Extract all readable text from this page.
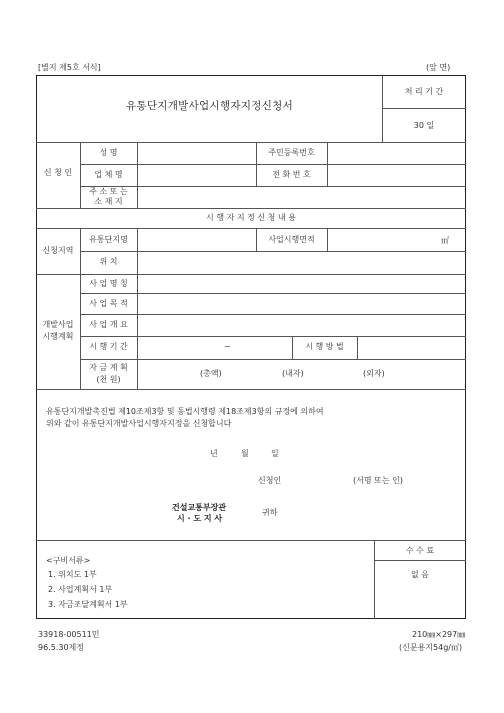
[별지 제5호 서식]	(앞 면)
유통단지개발사업시행자지정신청서
처 리 기 간
30 일
신 청 인
성 명	주민등록번호
업 체 명	전 화 번 호
주 소 또 는
소 재 지
시 행 자 지 정 신 청 내 용
신청지역
유통단지명	사업시행면적	㎡
위 치
개발사업
시행계획
사 업 명 칭
사 업 목 적
사 업 개 요
시 행 기 간	~	시 행 방 법
자 금 계 획
(천 원)
(총액)	(내자)	(외자)
유통단지개발촉진법 제10조제3항 및 동법시행령 제18조제3항의 규정에 의하여
위와 같이 유통단지개발사업시행자지정을 신청합니다
년	월	일
신청인	(서명 또는 인)
건설교통부장관
시 · 도 지 사
귀하
<구비서류>
1. 위치도 1부
2. 사업계획서 1부
3. 자금조달계획서 1부
수 수 료
없 음
33918-00511민
96.5.30제정
210㎜×297㎜
(신문용지54g/㎡)
